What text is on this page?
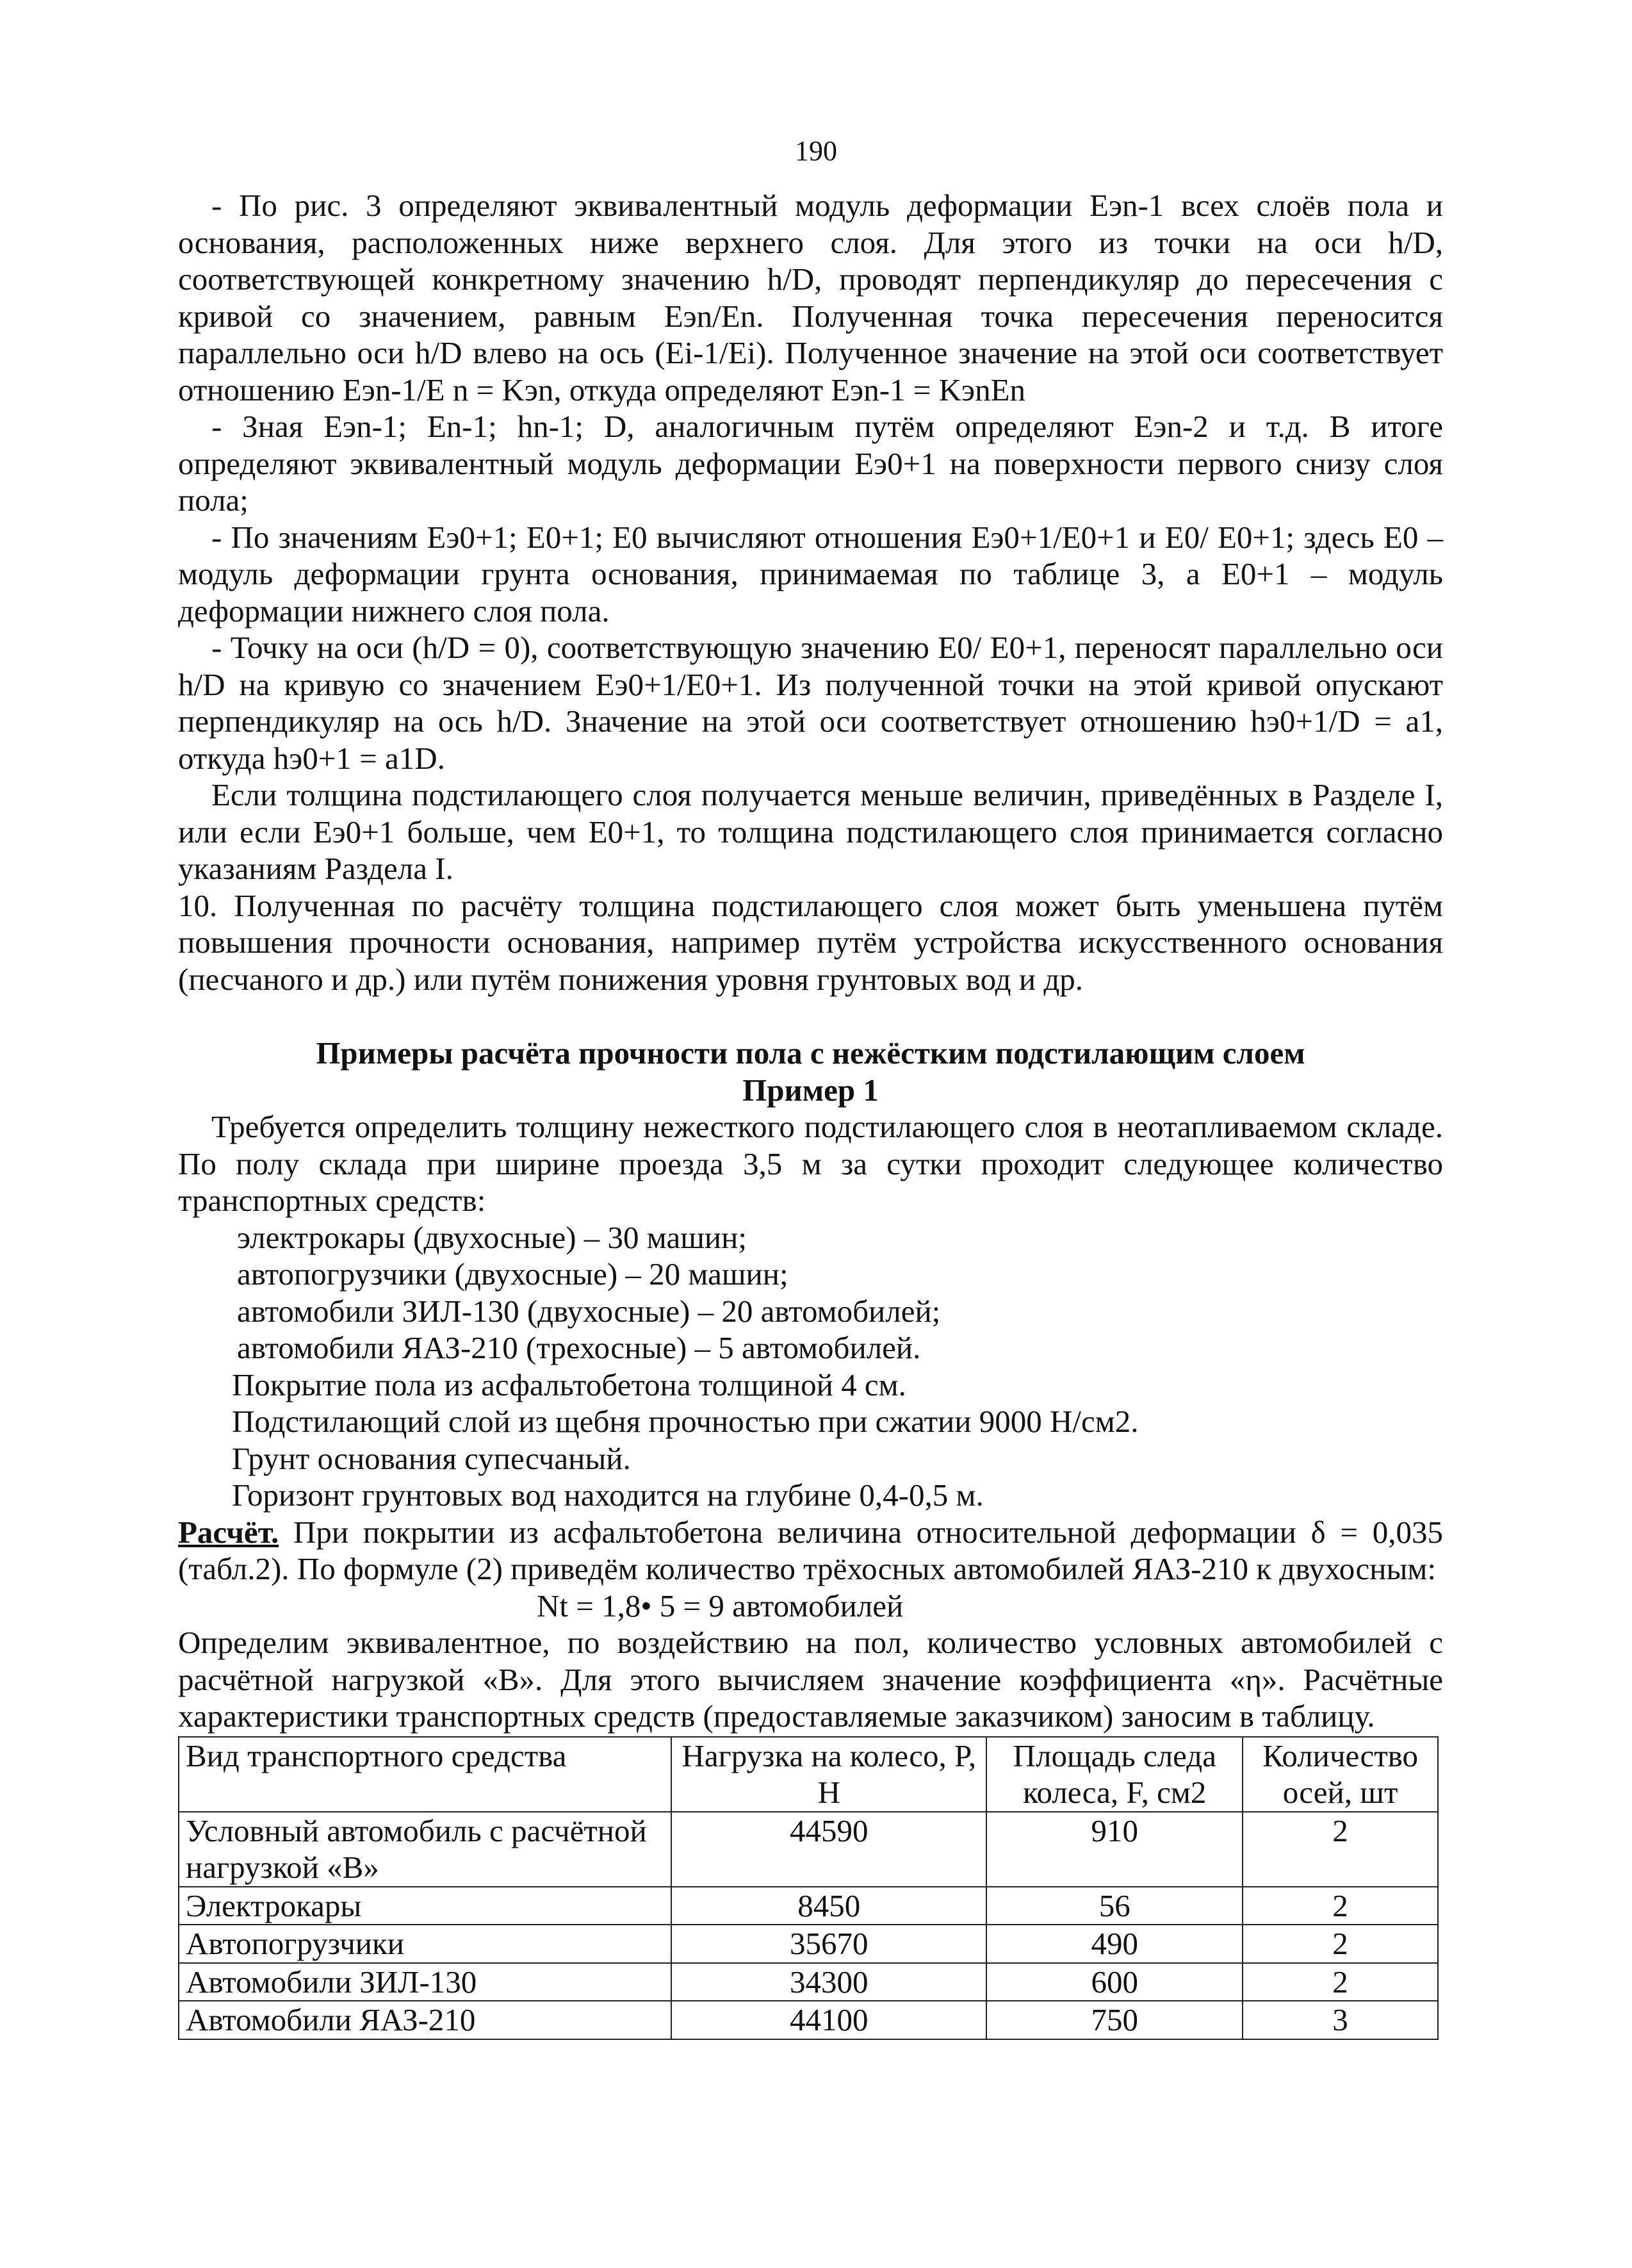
190

- По рис. 3 определяют эквивалентный модуль деформации Eэn-1 всех слоёв пола и основания, расположенных ниже верхнего слоя. Для этого из точки на оси h/D, соответствующей конкретному значению h/D, проводят перпендикуляр до пересечения с кривой со значением, равным Eэn/En. Полученная точка пересечения переносится параллельно оси h/D влево на ось (Ei-1/Ei). Полученное значение на этой оси соответствует отношению Eэn-1/E n = Kэn, откуда определяют Eэn-1 = KэnEn

- Зная Eэn-1; En-1; hn-1; D, аналогичным путём определяют Eэn-2 и т.д. В итоге определяют эквивалентный модуль деформации Eэ0+1 на поверхности первого снизу слоя пола;

- По значениям Eэ0+1; E0+1; E0 вычисляют отношения Eэ0+1/E0+1 и E0/ E0+1; здесь E0 – модуль деформации грунта основания, принимаемая по таблице 3, а E0+1 – модуль деформации нижнего слоя пола.

- Точку на оси (h/D = 0), соответствующую значению E0/ E0+1, переносят параллельно оси h/D на кривую со значением Eэ0+1/E0+1. Из полученной точки на этой кривой опускают перпендикуляр на ось h/D. Значение на этой оси соответствует отношению hэ0+1/D = a1, откуда hэ0+1 = a1D.

Если толщина подстилающего слоя получается меньше величин, приведённых в Разделе I, или если Eэ0+1 больше, чем E0+1, то толщина подстилающего слоя принимается согласно указаниям Раздела I.

10. Полученная по расчёту толщина подстилающего слоя может быть уменьшена путём повышения прочности основания, например путём устройства искусственного основания (песчаного и др.) или путём понижения уровня грунтовых вод и др.

Примеры расчёта прочности пола с нежёстким подстилающим слоем

Пример 1

Требуется определить толщину нежесткого подстилающего слоя в неотапливаемом складе. По полу склада при ширине проезда 3,5 м за сутки проходит следующее количество транспортных средств:

электрокары (двухосные) – 30 машин;

автопогрузчики (двухосные) – 20 машин;

автомобили ЗИЛ-130 (двухосные) – 20 автомобилей;

автомобили ЯАЗ-210 (трехосные) – 5 автомобилей.

Покрытие пола из асфальтобетона толщиной 4 см.

Подстилающий слой из щебня прочностью при сжатии 9000 Н/см2.

Грунт основания супесчаный.

Горизонт грунтовых вод находится на глубине 0,4-0,5 м.

Расчёт. При покрытии из асфальтобетона величина относительной деформации δ = 0,035 (табл.2). По формуле (2) приведём количество трёхосных автомобилей ЯАЗ-210 к двухосным:

Nt = 1,8• 5 = 9 автомобилей

Определим эквивалентное, по воздействию на пол, количество условных автомобилей с расчётной нагрузкой «В». Для этого вычисляем значение коэффициента «η». Расчётные характеристики транспортных средств (предоставляемые заказчиком) заносим в таблицу.

Вид транспортного средства	Нагрузка на колесо, P, H	Площадь следа колеса, F, см2	Количество осей, шт
Условный автомобиль с расчётной нагрузкой «В»	44590	910	2
Электрокары	8450	56	2
Автопогрузчики	35670	490	2
Автомобили ЗИЛ-130	34300	600	2
Автомобили ЯАЗ-210	44100	750	3
